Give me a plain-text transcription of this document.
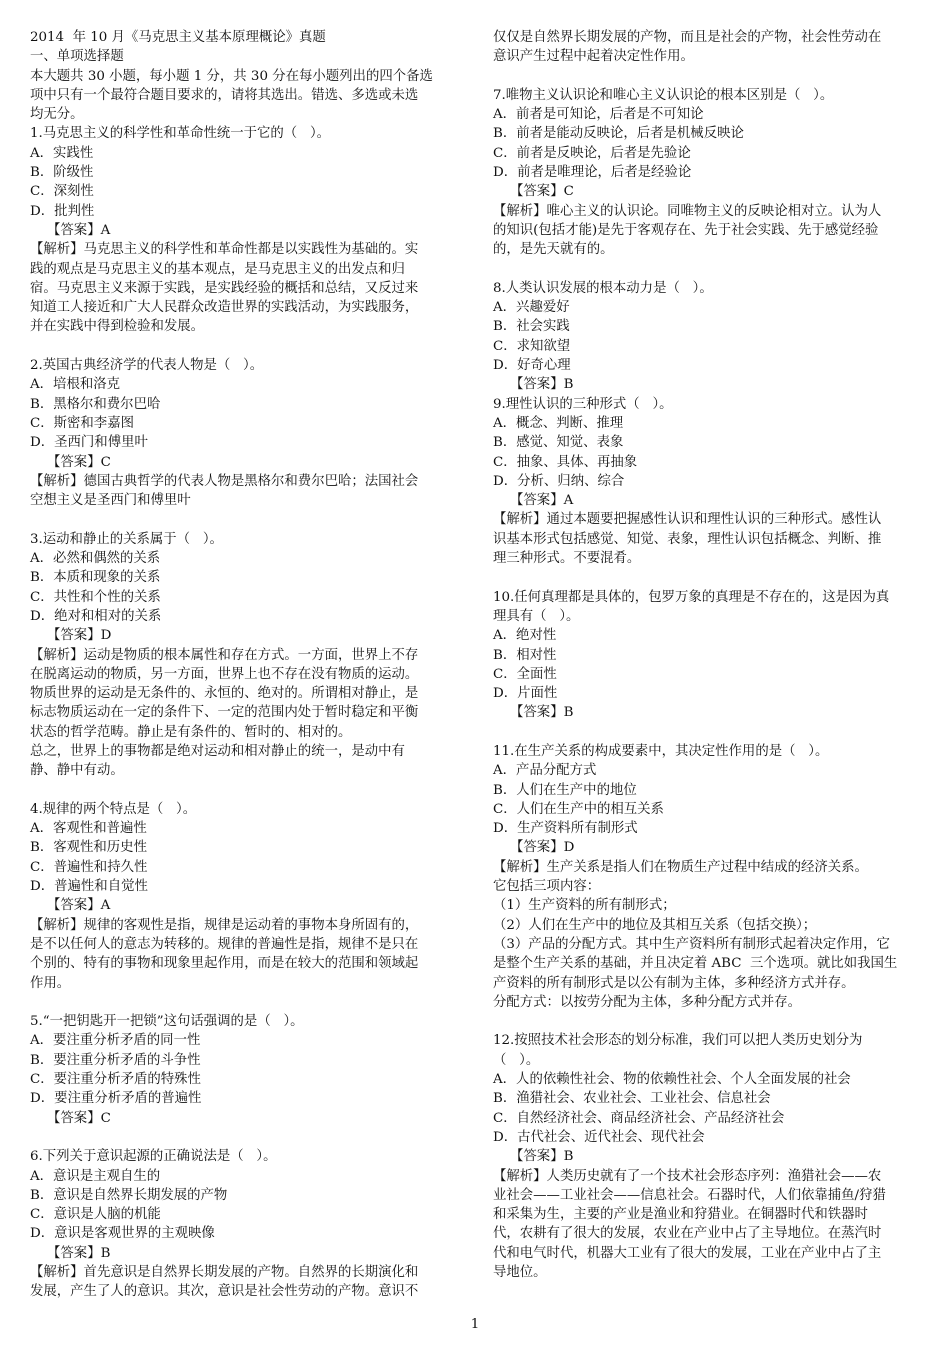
2014  年 10 月《马克思主义基本原理概论》真题
一、单项选择题
本大题共 30 小题，每小题 1 分，共 30 分在每小题列出的四个备选
项中只有一个最符合题目要求的，请将其选出。错选、多选或未选
均无分。
1.马克思主义的科学性和革命性统一于它的（   ）。
A．实践性
B．阶级性
C．深刻性
D．批判性
【答案】A
【解析】马克思主义的科学性和革命性都是以实践性为基础的。实
践的观点是马克思主义的基本观点，是马克思主义的出发点和归
宿。马克思主义来源于实践，是实践经验的概括和总结，又反过来
知道工人接近和广大人民群众改造世界的实践活动，为实践服务，
并在实践中得到检验和发展。
2.英国古典经济学的代表人物是（   ）。
A．培根和洛克
B．黑格尔和费尔巴哈
C．斯密和李嘉图
D．圣西门和傅里叶
【答案】C
【解析】德国古典哲学的代表人物是黑格尔和费尔巴哈；法国社会
空想主义是圣西门和傅里叶
3.运动和静止的关系属于（   ）。
A．必然和偶然的关系
B．本质和现象的关系
C．共性和个性的关系
D．绝对和相对的关系
【答案】D
【解析】运动是物质的根本属性和存在方式。一方面，世界上不存
在脱离运动的物质，另一方面，世界上也不存在没有物质的运动。
物质世界的运动是无条件的、永恒的、绝对的。所谓相对静止，是
标志物质运动在一定的条件下、一定的范围内处于暂时稳定和平衡
状态的哲学范畴。静止是有条件的、暂时的、相对的。
总之，世界上的事物都是绝对运动和相对静止的统一，是动中有
静、静中有动。
4.规律的两个特点是（   ）。
A．客观性和普遍性
B．客观性和历史性
C．普遍性和持久性
D．普遍性和自觉性
【答案】A
【解析】规律的客观性是指，规律是运动着的事物本身所固有的，
是不以任何人的意志为转移的。规律的普遍性是指，规律不是只在
个别的、特有的事物和现象里起作用，而是在较大的范围和领域起
作用。
5.“一把钥匙开一把锁”这句话强调的是（   ）。
A．要注重分析矛盾的同一性
B．要注重分析矛盾的斗争性
C．要注重分析矛盾的特殊性
D．要注重分析矛盾的普遍性
【答案】C
6.下列关于意识起源的正确说法是（   ）。
A．意识是主观自生的
B．意识是自然界长期发展的产物
C．意识是人脑的机能
D．意识是客观世界的主观映像
【答案】B
【解析】首先意识是自然界长期发展的产物。自然界的长期演化和
发展，产生了人的意识。其次，意识是社会性劳动的产物。意识不
仅仅是自然界长期发展的产物，而且是社会的产物，社会性劳动在
意识产生过程中起着决定性作用。
7.唯物主义认识论和唯心主义认识论的根本区别是（   ）。
A．前者是可知论，后者是不可知论
B．前者是能动反映论，后者是机械反映论
C．前者是反映论，后者是先验论
D．前者是唯理论，后者是经验论
【答案】C
【解析】唯心主义的认识论。同唯物主义的反映论相对立。认为人
的知识(包括才能)是先于客观存在、先于社会实践、先于感觉经验
的，是先天就有的。
8.人类认识发展的根本动力是（   ）。
A．兴趣爱好
B．社会实践
C．求知欲望
D．好奇心理
【答案】B
9.理性认识的三种形式（   ）。
A．概念、判断、推理
B．感觉、知觉、表象
C．抽象、具体、再抽象
D．分析、归纳、综合
【答案】A
【解析】通过本题要把握感性认识和理性认识的三种形式。感性认
识基本形式包括感觉、知觉、表象，理性认识包括概念、判断、推
理三种形式。不要混肴。
10.任何真理都是具体的，包罗万象的真理是不存在的，这是因为真
理具有（   ）。
A．绝对性
B．相对性
C．全面性
D．片面性
【答案】B
11.在生产关系的构成要素中，其决定性作用的是（   ）。
A．产品分配方式
B．人们在生产中的地位
C．人们在生产中的相互关系
D．生产资料所有制形式
【答案】D
【解析】生产关系是指人们在物质生产过程中结成的经济关系。
它包括三项内容：
（1）生产资料的所有制形式；
（2）人们在生产中的地位及其相互关系（包括交换）；
（3）产品的分配方式。其中生产资料所有制形式起着决定作用，它
是整个生产关系的基础，并且决定着 ABC  三个选项。就比如我国生
产资料的所有制形式是以公有制为主体，多种经济方式并存。
分配方式：以按劳分配为主体，多种分配方式并存。
12.按照技术社会形态的划分标准，我们可以把人类历史划分为
（   ）。
A．人的依赖性社会、物的依赖性社会、个人全面发展的社会
B．渔猎社会、农业社会、工业社会、信息社会
C．自然经济社会、商品经济社会、产品经济社会
D．古代社会、近代社会、现代社会
【答案】B
【解析】人类历史就有了一个技术社会形态序列：渔猎社会——农
业社会——工业社会——信息社会。石器时代，人们依靠捕鱼/狩猎
和采集为生，主要的产业是渔业和狩猎业。在铜器时代和铁器时
代，农耕有了很大的发展，农业在产业中占了主导地位。在蒸汽时
代和电气时代，机器大工业有了很大的发展，工业在产业中占了主
导地位。
1
